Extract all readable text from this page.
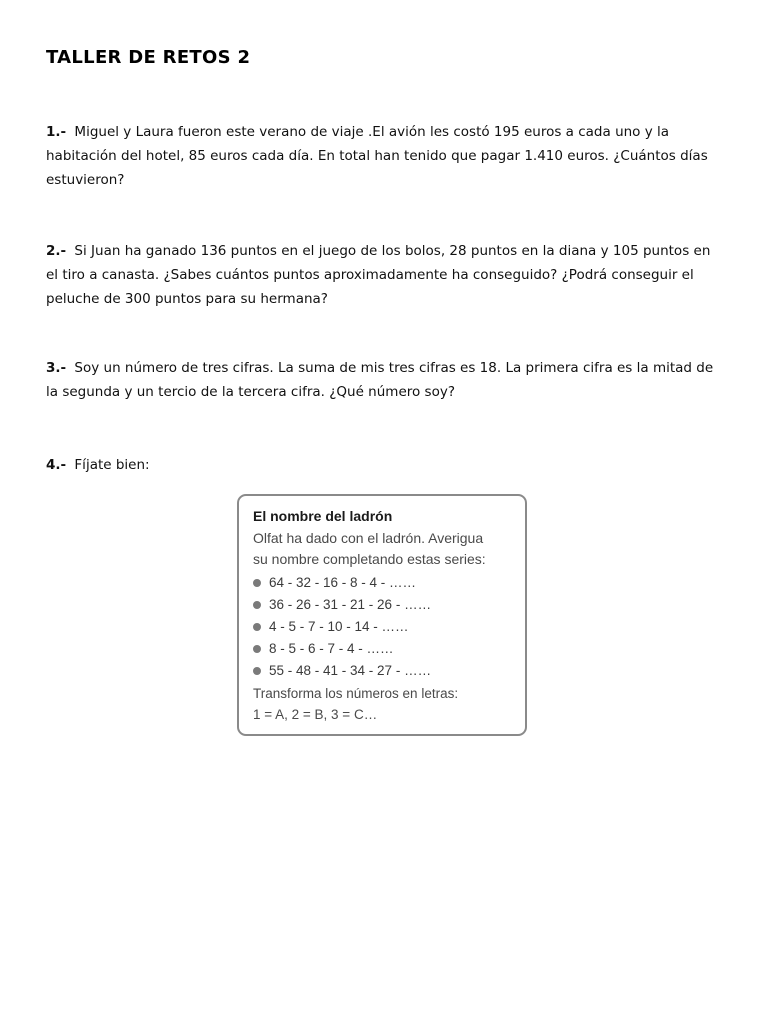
TALLER DE RETOS 2
1.- Miguel y Laura fueron este verano de viaje .El avión les costó 195 euros a cada uno y la habitación del hotel, 85 euros cada día. En total han tenido que pagar 1.410 euros. ¿Cuántos días estuvieron?
2.- Si Juan ha ganado 136 puntos en el juego de los bolos, 28 puntos en la diana y 105 puntos en el tiro a canasta. ¿Sabes cuántos puntos aproximadamente ha conseguido? ¿Podrá conseguir el peluche de 300 puntos para su hermana?
3.- Soy un número de tres cifras. La suma de mis tres cifras es 18. La primera cifra es la mitad de la segunda y un tercio de la tercera cifra. ¿Qué número soy?
4.- Fíjate bien:
El nombre del ladrón
Olfat ha dado con el ladrón. Averigua
su nombre completando estas series:
64 - 32 - 16 - 8 - 4 - ……
36 - 26 - 31 - 21 - 26 - ……
4 - 5 - 7 - 10 - 14 - ……
8 - 5 - 6 - 7 - 4 - ……
55 - 48 - 41 - 34 - 27 - ……
Transforma los números en letras:
1 = A, 2 = B, 3 = C…
